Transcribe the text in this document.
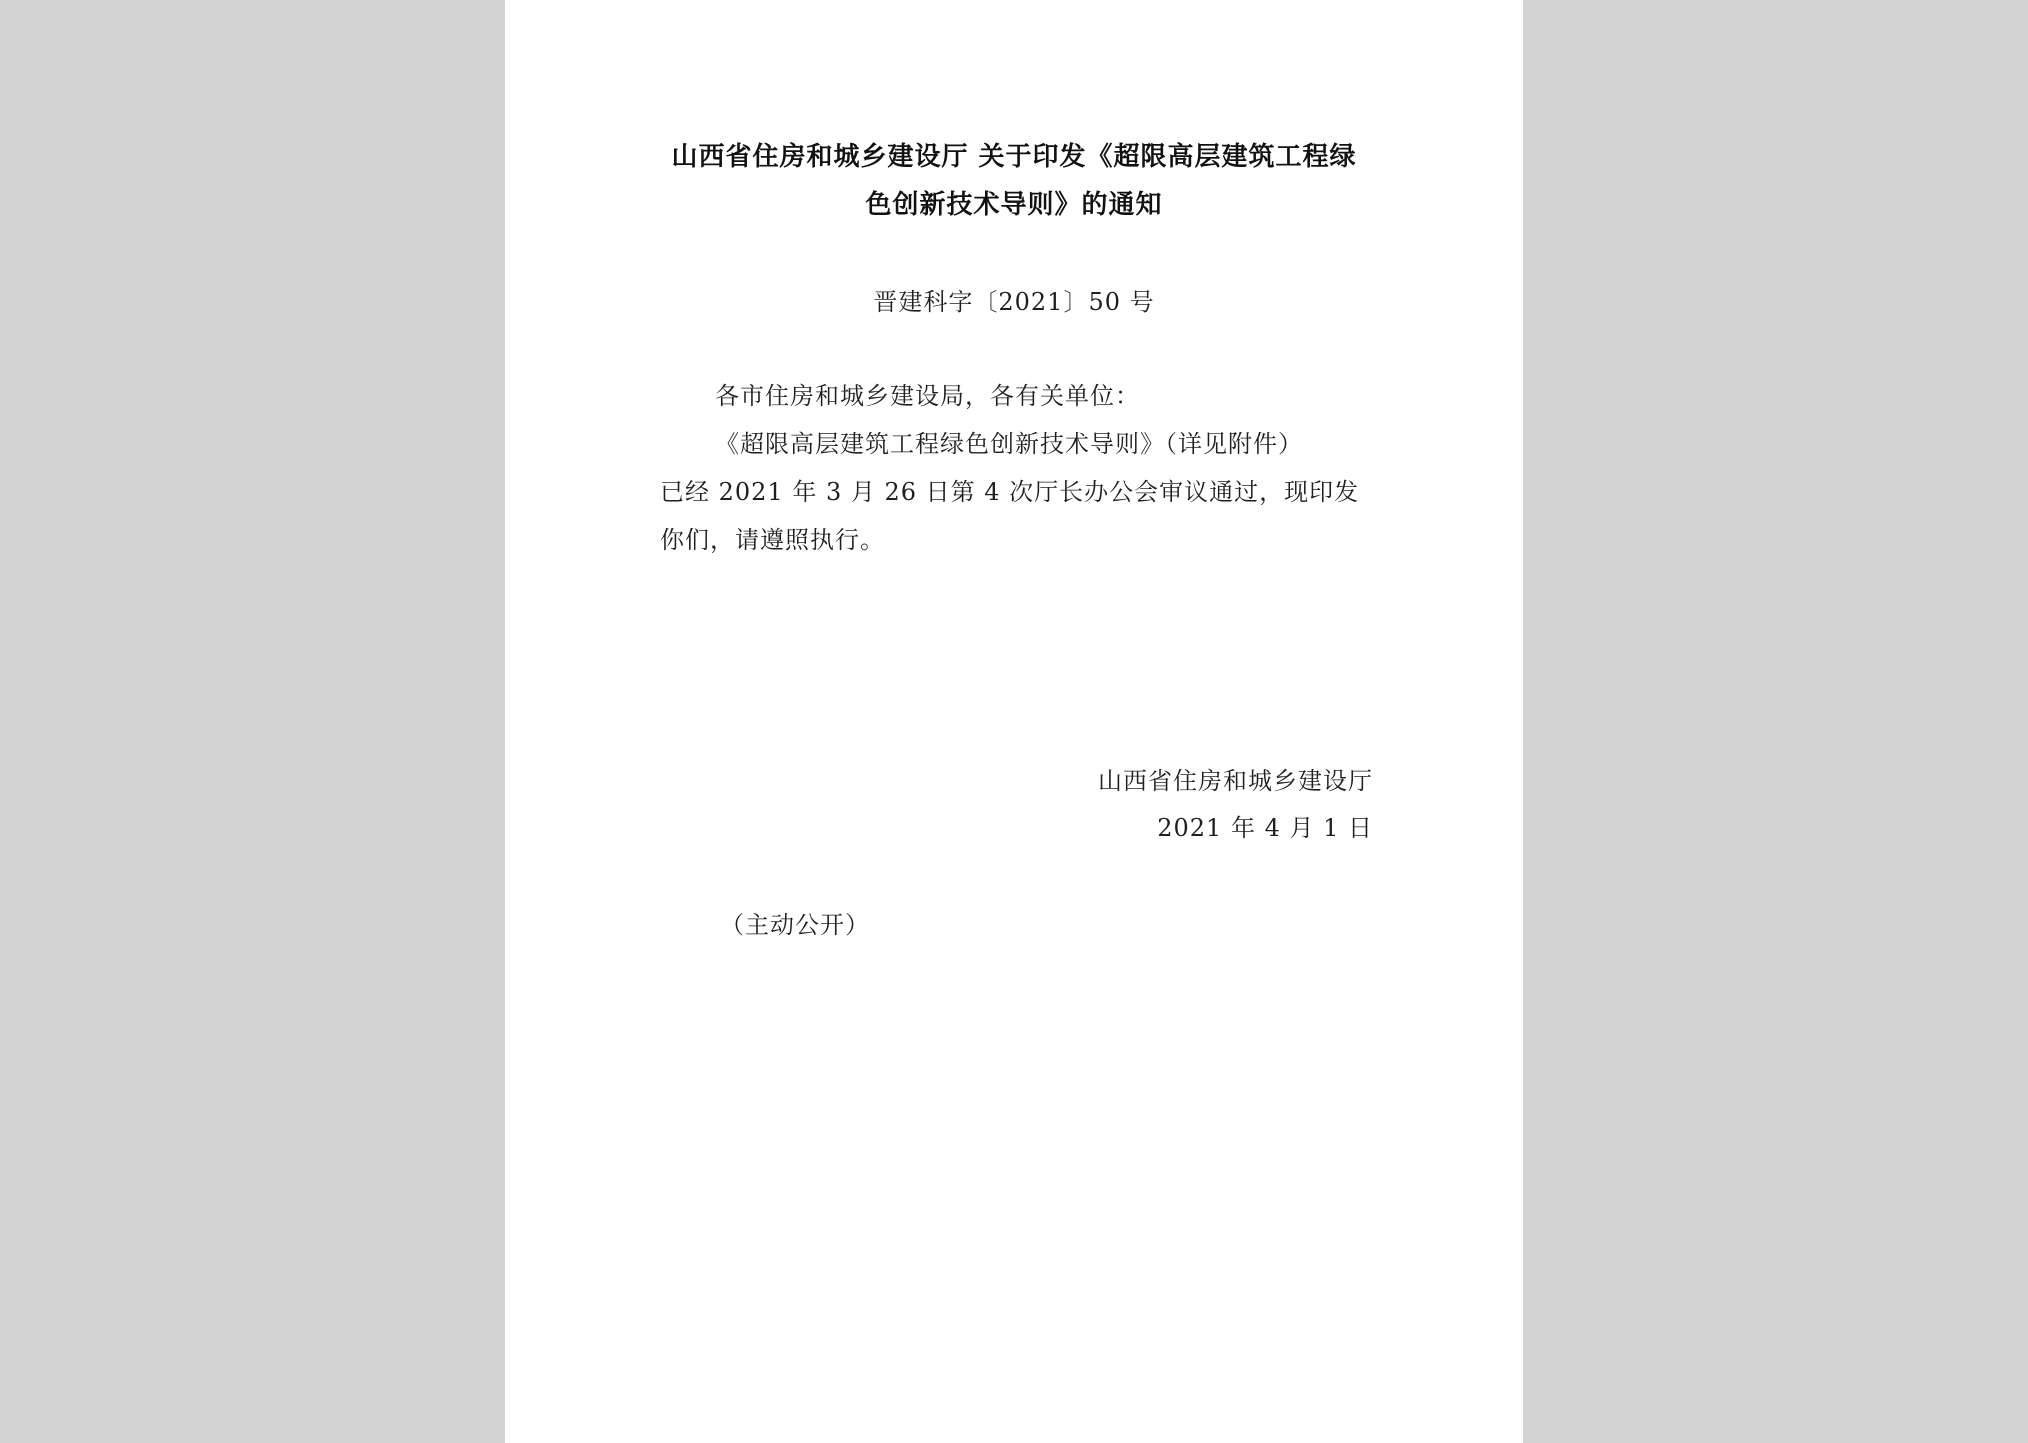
山西省住房和城乡建设厅 关于印发《超限高层建筑工程绿
色创新技术导则》的通知
晋建科字〔2021〕50 号
各市住房和城乡建设局，各有关单位：
《超限高层建筑工程绿色创新技术导则》（详见附件）
已经 2021 年 3 月 26 日第 4 次厅长办公会审议通过，现印发
你们，请遵照执行。
山西省住房和城乡建设厅
2021 年 4 月 1 日
（主动公开）
